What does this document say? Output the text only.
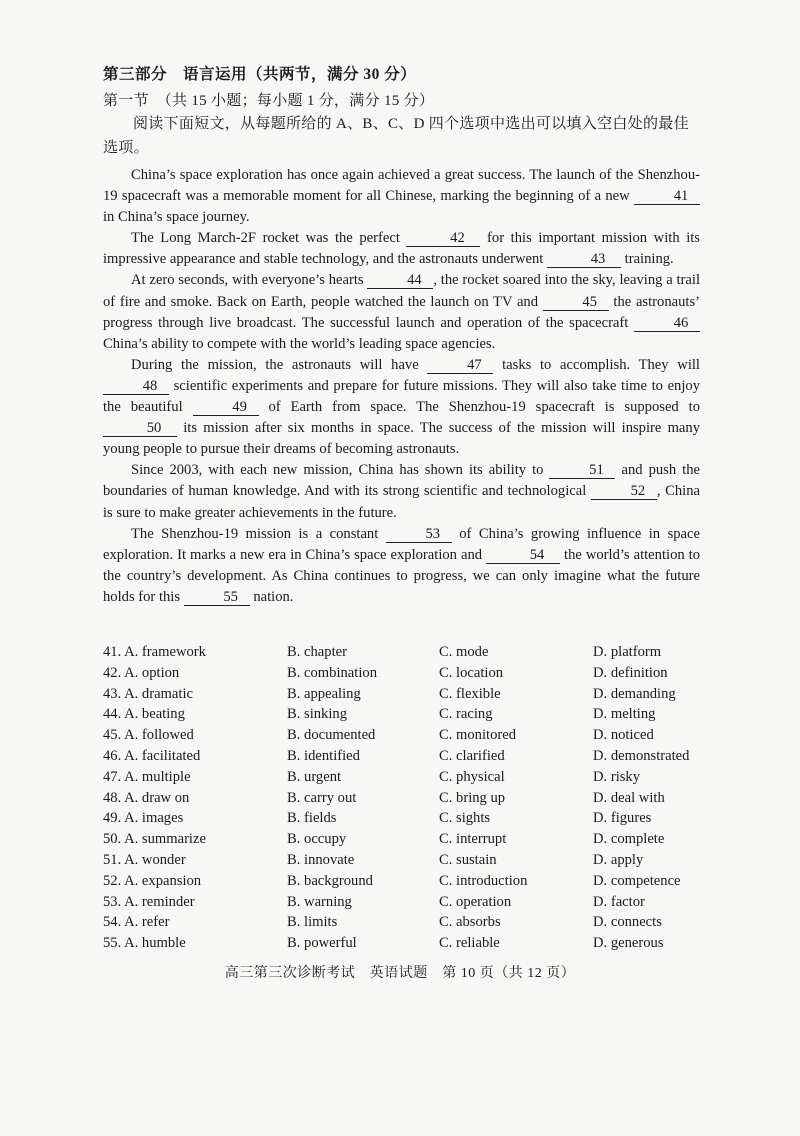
第三部分　语言运用（共两节，满分 30 分）
第一节　（共 15 小题；每小题 1 分，满分 15 分）
阅读下面短文，从每题所给的 A、B、C、D 四个选项中选出可以填入空白处的最佳选项。

China’s space exploration has once again achieved a great success. The launch of the Shenzhou-19 spacecraft was a memorable moment for all Chinese, marking the beginning of a new	41 in China’s space journey.

The Long March-2F rocket was the perfect	42 for this important mission with its impressive appearance and stable technology, and the astronauts underwent	43 training.

At zero seconds, with everyone’s hearts	44 , the rocket soared into the sky, leaving a trail of fire and smoke. Back on Earth, people watched the launch on TV and	45 the astronauts’ progress through live broadcast. The successful launch and operation of the spacecraft	46 China’s ability to compete with the world’s leading space agencies.

During the mission, the astronauts will have	47 tasks to accomplish. They will 48 scientific experiments and prepare for future missions. They will also take time to enjoy the beautiful	49 of Earth from space. The Shenzhou-19 spacecraft is supposed to 50 its mission after six months in space. The success of the mission will inspire many young people to pursue their dreams of becoming astronauts.

Since 2003, with each new mission, China has shown its ability to	51 and push the boundaries of human knowledge. And with its strong scientific and technological	52 , China is sure to make greater achievements in the future.

The Shenzhou-19 mission is a constant	53 of China’s growing influence in space exploration. It marks a new era in China’s space exploration and	54 the world’s attention to the country’s development. As China continues to progress, we can only imagine what the future holds for this	55 nation.

41. A. framework	B. chapter	C. mode	D. platform
42. A. option	B. combination	C. location	D. definition
43. A. dramatic	B. appealing	C. flexible	D. demanding
44. A. beating	B. sinking	C. racing	D. melting
45. A. followed	B. documented	C. monitored	D. noticed
46. A. facilitated	B. identified	C. clarified	D. demonstrated
47. A. multiple	B. urgent	C. physical	D. risky
48. A. draw on	B. carry out	C. bring up	D. deal with
49. A. images	B. fields	C. sights	D. figures
50. A. summarize	B. occupy	C. interrupt	D. complete
51. A. wonder	B. innovate	C. sustain	D. apply
52. A. expansion	B. background	C. introduction	D. competence
53. A. reminder	B. warning	C. operation	D. factor
54. A. refer	B. limits	C. absorbs	D. connects
55. A. humble	B. powerful	C. reliable	D. generous
高三第三次诊断考试　英语试题　第 10 页（共 12 页）
